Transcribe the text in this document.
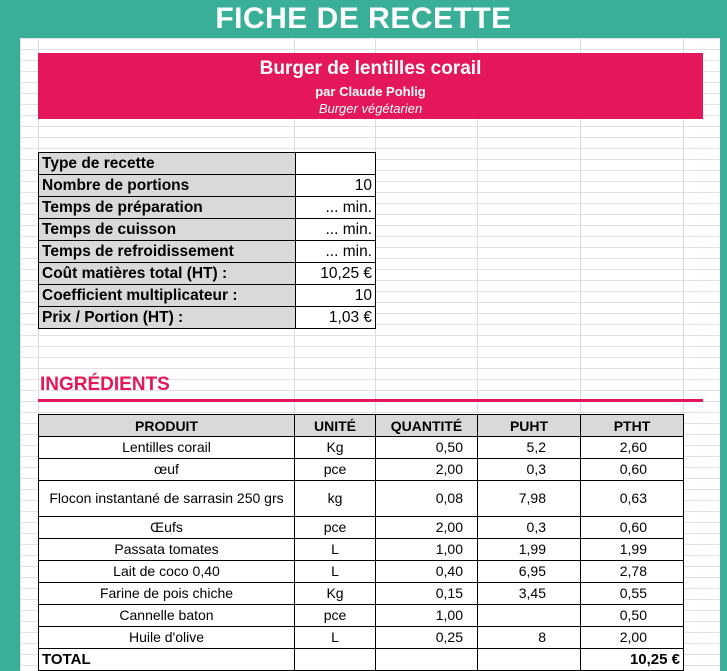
FICHE DE RECETTE
Burger de lentilles corail
par Claude Pohlig
Burger végétarien
Type de recette	
Nombre de portions	10
Temps de préparation	... min.
Temps de cuisson	... min.
Temps de refroidissement	... min.
Coût matières total (HT) :	10,25 €
Coefficient multiplicateur :	10
Prix / Portion (HT) :	1,03 €
INGRÉDIENTS
PRODUIT	UNITÉ	QUANTITÉ	PUHT	PTHT
Lentilles corail	Kg	0,50	5,2	2,60
œuf	pce	2,00	0,3	0,60
Flocon instantané de sarrasin 250 grs	kg	0,08	7,98	0,63
Œufs	pce	2,00	0,3	0,60
Passata tomates	L	1,00	1,99	1,99
Lait de coco 0,40	L	0,40	6,95	2,78
Farine de pois chiche	Kg	0,15	3,45	0,55
Cannelle baton	pce	1,00		0,50
Huile d'olive	L	0,25	8	2,00
TOTAL				10,25 €
